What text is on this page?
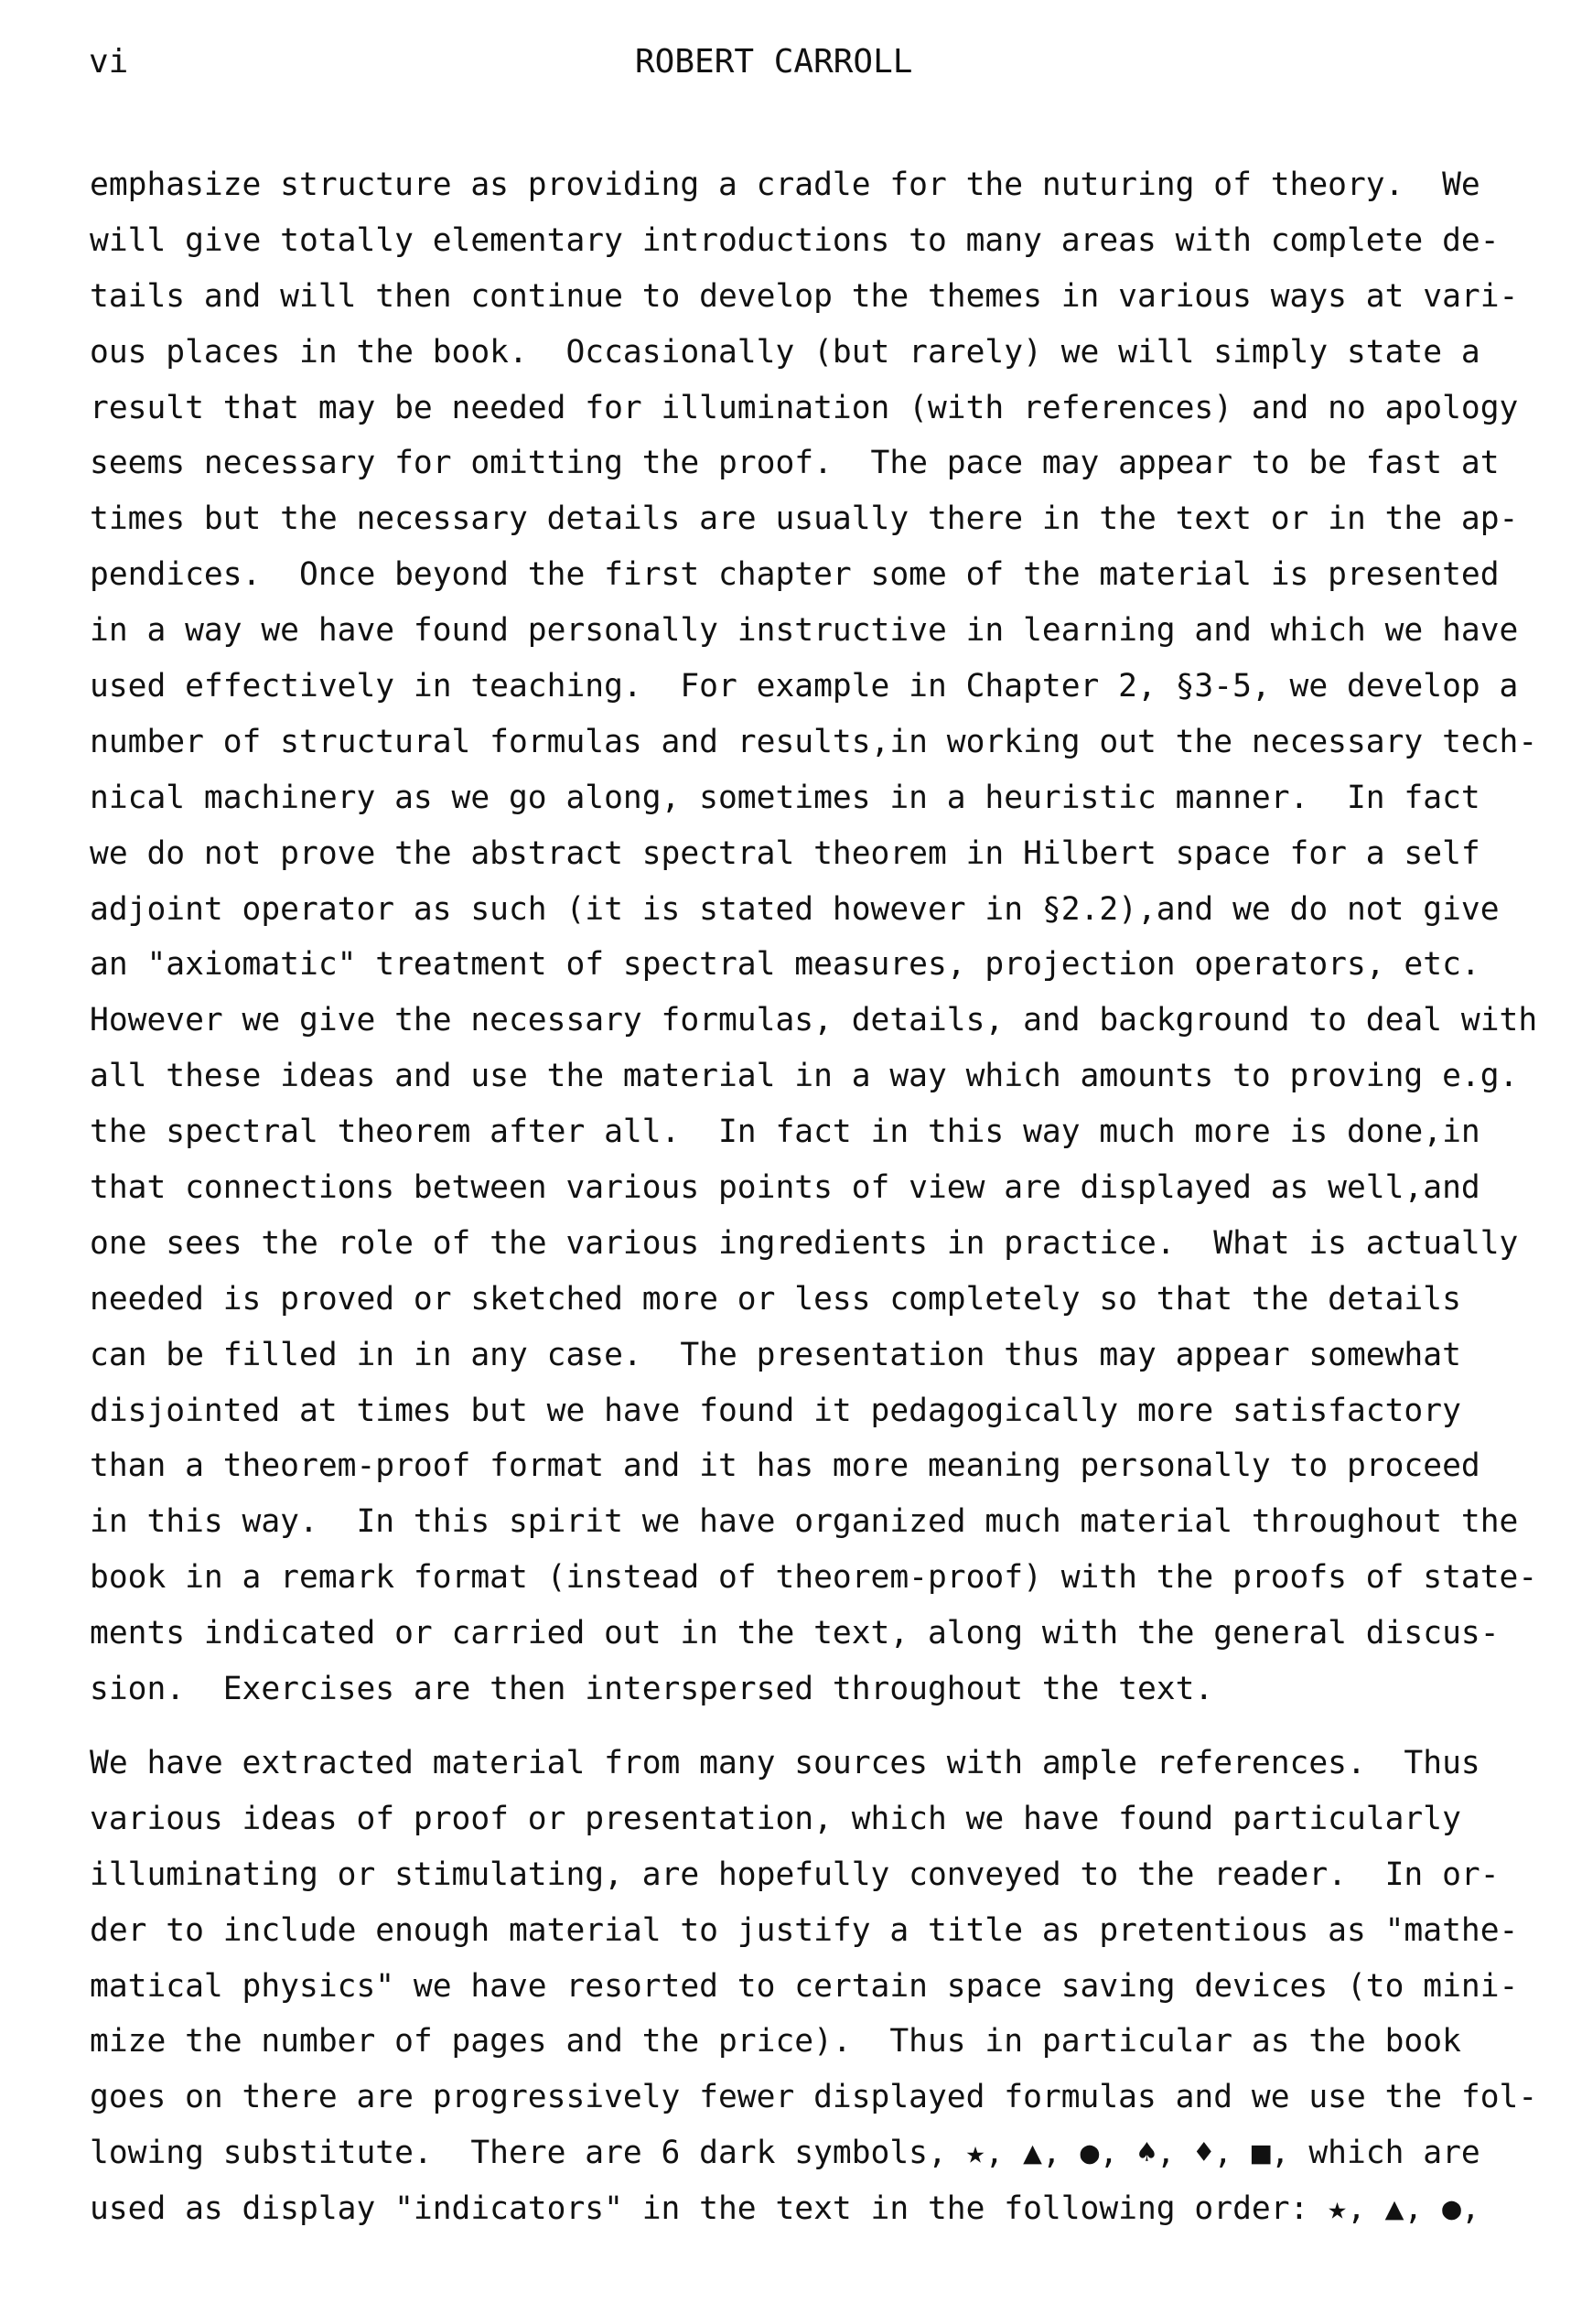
vi	ROBERT CARROLL
emphasize structure as providing a cradle for the nuturing of theory.  We
will give totally elementary introductions to many areas with complete de-
tails and will then continue to develop the themes in various ways at vari-
ous places in the book.  Occasionally (but rarely) we will simply state a
result that may be needed for illumination (with references) and no apology
seems necessary for omitting the proof.  The pace may appear to be fast at
times but the necessary details are usually there in the text or in the ap-
pendices.  Once beyond the first chapter some of the material is presented
in a way we have found personally instructive in learning and which we have
used effectively in teaching.  For example in Chapter 2, §3-5, we develop a
number of structural formulas and results,in working out the necessary tech-
nical machinery as we go along, sometimes in a heuristic manner.  In fact
we do not prove the abstract spectral theorem in Hilbert space for a self
adjoint operator as such (it is stated however in §2.2),and we do not give
an "axiomatic" treatment of spectral measures, projection operators, etc.
However we give the necessary formulas, details, and background to deal with
all these ideas and use the material in a way which amounts to proving e.g.
the spectral theorem after all.  In fact in this way much more is done,in
that connections between various points of view are displayed as well,and
one sees the role of the various ingredients in practice.  What is actually
needed is proved or sketched more or less completely so that the details
can be filled in in any case.  The presentation thus may appear somewhat
disjointed at times but we have found it pedagogically more satisfactory
than a theorem-proof format and it has more meaning personally to proceed
in this way.  In this spirit we have organized much material throughout the
book in a remark format (instead of theorem-proof) with the proofs of state-
ments indicated or carried out in the text, along with the general discus-
sion.  Exercises are then interspersed throughout the text.
We have extracted material from many sources with ample references.  Thus
various ideas of proof or presentation, which we have found particularly
illuminating or stimulating, are hopefully conveyed to the reader.  In or-
der to include enough material to justify a title as pretentious as "mathe-
matical physics" we have resorted to certain space saving devices (to mini-
mize the number of pages and the price).  Thus in particular as the book
goes on there are progressively fewer displayed formulas and we use the fol-
lowing substitute.  There are 6 dark symbols, ★, ▲, ●, ♠, ♦, ■, which are
used as display "indicators" in the text in the following order: ★, ▲, ●,
